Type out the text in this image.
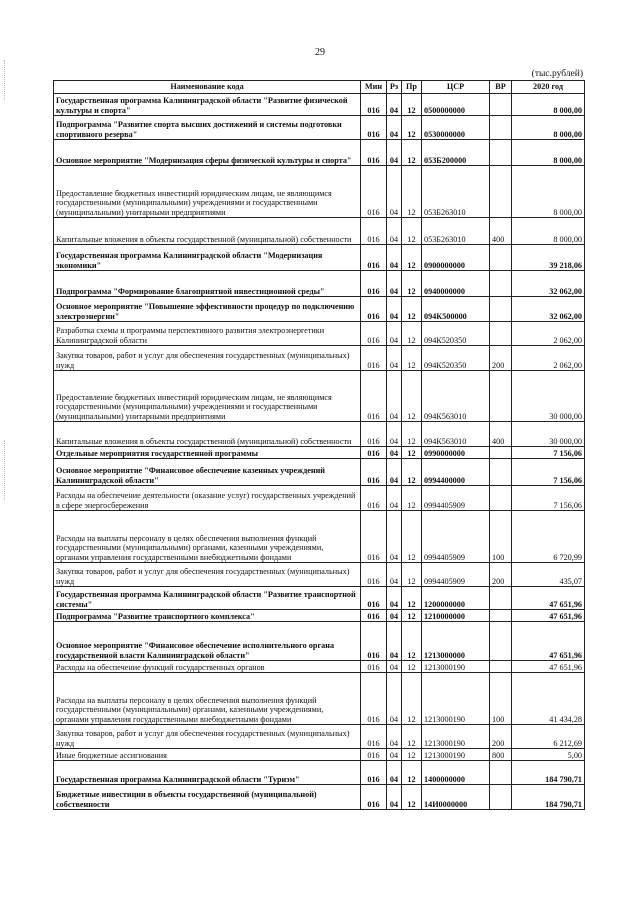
29
(тыс.рублей)
Наименование кода	Мин	Рз	Пр	ЦСР	ВР	2020 год
Государственная программа Калининградской области "Развитие физической культуры и спорта"	016	04	12	0500000000		8 000,00
Подпрограмма "Развитие спорта высших достижений и системы подготовки спортивного резерва"	016	04	12	0530000000		8 000,00
Основное мероприятие "Модернизация сферы физической культуры и спорта"	016	04	12	053Б200000		8 000,00
Предоставление бюджетных инвестиций юридическим лицам, не являющимся государственными (муниципальными) учреждениями и государственными (муниципальными) унитарными предприятиями	016	04	12	053Б263010		8 000,00
Капитальные вложения в объекты государственной (муниципальной) собственности	016	04	12	053Б263010	400	8 000,00
Государственная программа Калининградской области "Модернизация экономики"	016	04	12	0900000000		39 218,06
Подпрограмма "Формирование благоприятной инвестиционной среды"	016	04	12	0940000000		32 062,00
Основное мероприятие "Повышение эффективности процедур по подключению электроэнергии"	016	04	12	094К500000		32 062,00
Разработка схемы и программы перспективного развития электроэнергетики Калининградской области	016	04	12	094К520350		2 062,00
Закупка товаров, работ и услуг для обеспечения государственных (муниципальных) нужд	016	04	12	094К520350	200	2 062,00
Предоставление бюджетных инвестиций юридическим лицам, не являющимся государственными (муниципальными) учреждениями и государственными (муниципальными) унитарными предприятиями	016	04	12	094К563010		30 000,00
Капитальные вложения в объекты государственной (муниципальной) собственности	016	04	12	094К563010	400	30 000,00
Отдельные мероприятия государственной программы	016	04	12	0990000000		7 156,06
Основное мероприятие "Финансовое обеспечение казенных учреждений Калининградской области"	016	04	12	0994400000		7 156,06
Расходы на обеспечение деятельности (оказание услуг) государственных учреждений в сфере энергосбережения	016	04	12	0994405909		7 156,06
Расходы на выплаты персоналу в целях обеспечения выполнения функций государственными (муниципальными) органами, казенными учреждениями, органами управления государственными внебюджетными фондами	016	04	12	0994405909	100	6 720,99
Закупка товаров, работ и услуг для обеспечения государственных (муниципальных) нужд	016	04	12	0994405909	200	435,07
Государственная программа Калининградской области "Развитие транспортной системы"	016	04	12	1200000000		47 651,96
Подпрограмма "Развитие транспортного комплекса"	016	04	12	1210000000		47 651,96
Основное мероприятие "Финансовое обеспечение исполнительного органа государственной власти Калининградской области"	016	04	12	1213000000		47 651,96
Расходы на обеспечение функций государственных органов	016	04	12	1213000190		47 651,96
Расходы на выплаты персоналу в целях обеспечения выполнения функций государственными (муниципальными) органами, казенными учреждениями, органами управления государственными внебюджетными фондами	016	04	12	1213000190	100	41 434,28
Закупка товаров, работ и услуг для обеспечения государственных (муниципальных) нужд	016	04	12	1213000190	200	6 212,69
Иные бюджетные ассигнования	016	04	12	1213000190	800	5,00
Государственная программа Калининградской области "Туризм"	016	04	12	1400000000		184 790,71
Бюджетные инвестиции в объекты государственной (муниципальной) собственности	016	04	12	14И0000000		184 790,71
